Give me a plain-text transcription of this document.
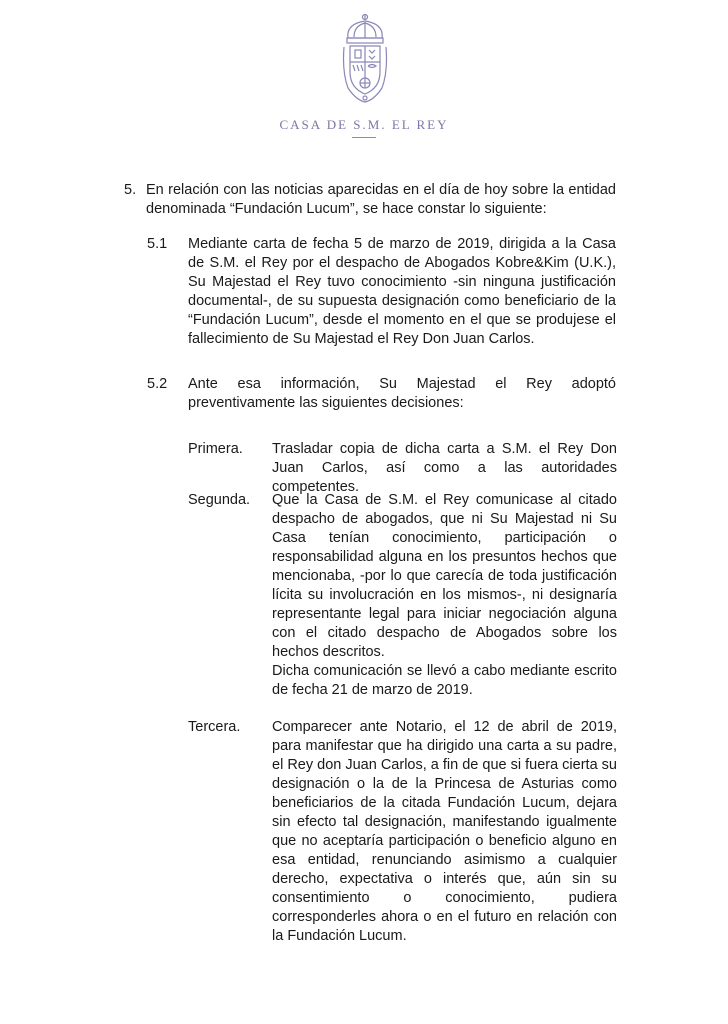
CASA DE S.M. EL REY
5. En relación con las noticias aparecidas en el día de hoy sobre la entidad denominada “Fundación Lucum”, se hace constar lo siguiente:

5.1 Mediante carta de fecha 5 de marzo de 2019, dirigida a la Casa de S.M. el Rey por el despacho de Abogados Kobre&Kim (U.K.), Su Majestad el Rey tuvo conocimiento -sin ninguna justificación documental-, de su supuesta designación como beneficiario de la “Fundación Lucum”, desde el momento en el que se produjese el fallecimiento de Su Majestad el Rey Don Juan Carlos.

5.2 Ante esa información, Su Majestad el Rey adoptó preventivamente las siguientes decisiones:

Primera. Trasladar copia de dicha carta a S.M. el Rey Don Juan Carlos, así como a las autoridades competentes.

Segunda. Que la Casa de S.M. el Rey comunicase al citado despacho de abogados, que ni Su Majestad ni Su Casa tenían conocimiento, participación o responsabilidad alguna en los presuntos hechos que mencionaba, -por lo que carecía de toda justificación lícita su involucración en los mismos-, ni designaría representante legal para iniciar negociación alguna con el citado despacho de Abogados sobre los hechos descritos.

Dicha comunicación se llevó a cabo mediante escrito de fecha 21 de marzo de 2019.

Tercera. Comparecer ante Notario, el 12 de abril de 2019, para manifestar que ha dirigido una carta a su padre, el Rey don Juan Carlos, a fin de que si fuera cierta su designación o la de la Princesa de Asturias como beneficiarios de la citada Fundación Lucum, dejara sin efecto tal designación, manifestando igualmente que no aceptaría participación o beneficio alguno en esa entidad, renunciando asimismo a cualquier derecho, expectativa o interés que, aún sin su consentimiento o conocimiento, pudiera corresponderles ahora o en el futuro en relación con la Fundación Lucum.
